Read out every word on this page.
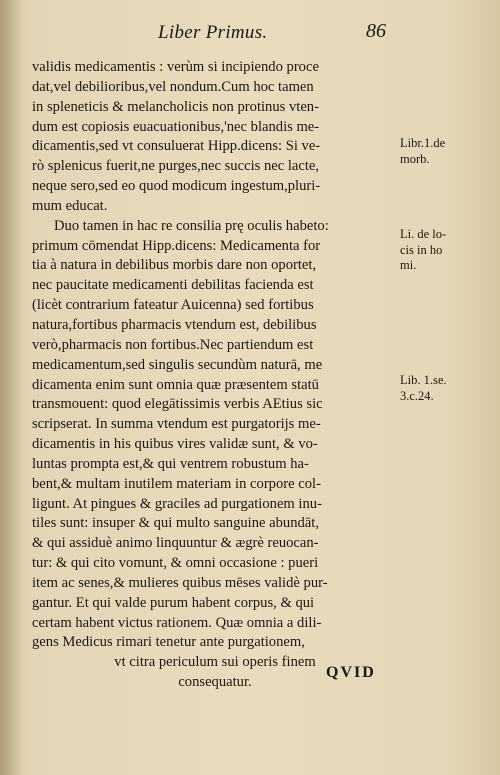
Liber Primus.	86
validis medicamentis : verùm si incipiendo proce
dat,vel debilioribus,vel nondum.Cum hoc tamen
in spleneticis & melancholicis non protinus vten-
dum est copiosis euacuationibus,'nec blandis me-
dicamentis,sed vt consuluerat Hipp.dicens: Si ve-
rò splenicus fuerit,ne purges,nec succis nec lacte,
neque sero,sed eo quod modicum ingestum,pluri-
mum educat.
Duo tamen in hac re consilia prę oculis habeto:
primum cōmendat Hipp.dicens: Medicamenta for
tia à natura in debilibus morbis dare non oportet,
nec paucitate medicamenti debilitas facienda est
(licèt contrarium fateatur Auicenna) sed fortibus
natura,fortibus pharmacis vtendum est, debilibus
verò,pharmacis non fortibus.Nec partiendum est
medicamentum,sed singulis secundùm naturā, me
dicamenta enim sunt omnia quæ præsentem statū
transmouent: quod elegātissimis verbis AEtius sic
scripserat. In summa vtendum est purgatorijs me-
dicamentis in his quibus vires validæ sunt, & vo-
luntas prompta est,& qui ventrem robustum ha-
bent,& multam inutilem materiam in corpore col-
ligunt. At pingues & graciles ad purgationem inu-
tiles sunt: insuper & qui multo sanguine abundāt,
& qui assiduè animo linquuntur & ægrè reuocan-
tur: & qui cito vomunt, & omni occasione : pueri
item ac senes,& mulieres quibus mēses validè pur-
gantur. Et qui valde purum habent corpus, & qui
certam habent victus rationem. Quæ omnia a dili-
gens Medicus rimari tenetur ante purgationem,
vt citra periculum sui operis finem
consequatur.
Libr.1.de
morb.
Li. de lo-
cis in ho
mi.
Lib. 1.se.
3.c.24.
QVID
